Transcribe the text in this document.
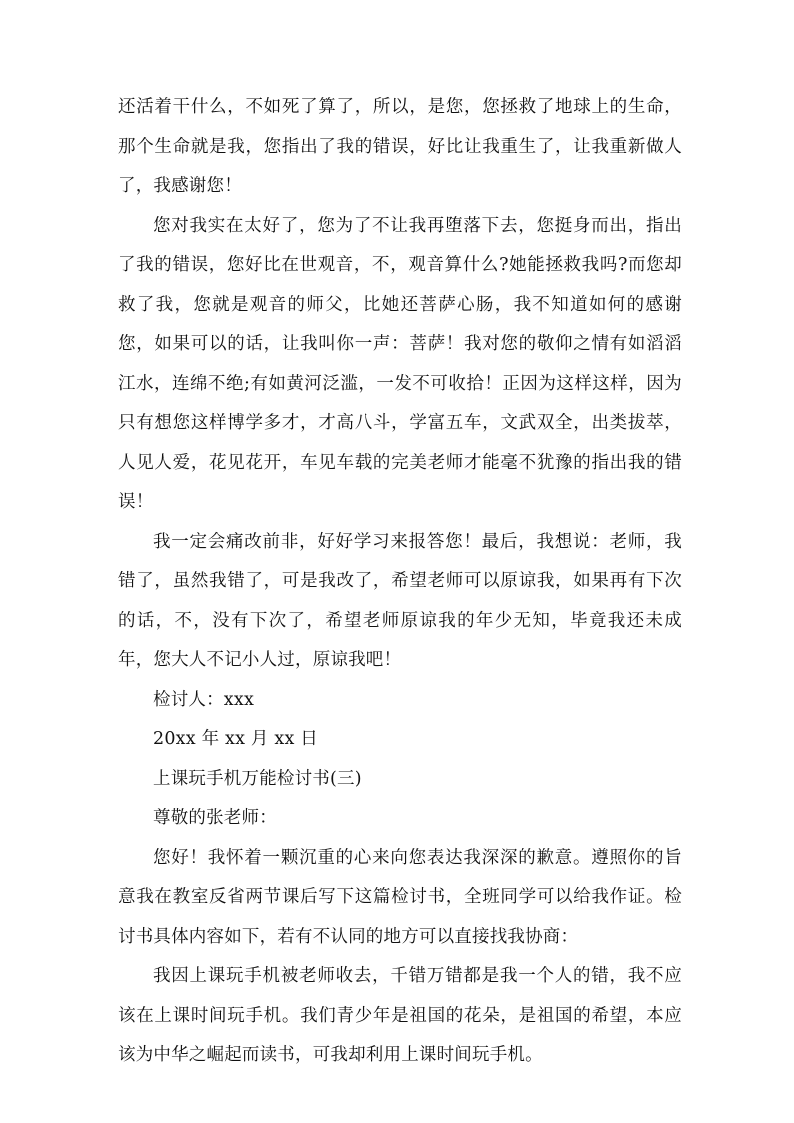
还活着干什么，不如死了算了，所以，是您，您拯救了地球上的生命，那个生命就是我，您指出了我的错误，好比让我重生了，让我重新做人了，我感谢您！

您对我实在太好了，您为了不让我再堕落下去，您挺身而出，指出了我的错误，您好比在世观音，不，观音算什么?她能拯救我吗?而您却救了我，您就是观音的师父，比她还菩萨心肠，我不知道如何的感谢您，如果可以的话，让我叫你一声：菩萨！我对您的敬仰之情有如滔滔江水，连绵不绝;有如黄河泛滥，一发不可收拾！正因为这样这样，因为只有想您这样博学多才，才高八斗，学富五车，文武双全，出类拔萃，人见人爱，花见花开，车见车载的完美老师才能毫不犹豫的指出我的错误！

我一定会痛改前非，好好学习来报答您！最后，我想说：老师，我错了，虽然我错了，可是我改了，希望老师可以原谅我，如果再有下次的话，不，没有下次了，希望老师原谅我的年少无知，毕竟我还未成年，您大人不记小人过，原谅我吧！

检讨人：xxx

20xx 年 xx 月 xx 日

上课玩手机万能检讨书(三)

尊敬的张老师：

您好！我怀着一颗沉重的心来向您表达我深深的歉意。遵照你的旨意我在教室反省两节课后写下这篇检讨书，全班同学可以给我作证。检讨书具体内容如下，若有不认同的地方可以直接找我协商：

我因上课玩手机被老师收去，千错万错都是我一个人的错，我不应该在上课时间玩手机。我们青少年是祖国的花朵，是祖国的希望，本应该为中华之崛起而读书，可我却利用上课时间玩手机。
